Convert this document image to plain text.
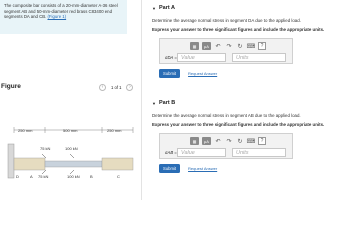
The composite bar consists of a 20-mm-diameter A-36 steel segment AB and 50-mm-diameter red brass C83400 end segments DA and CB. (Figure 1)
Figure	‹	1 of 1	›
250 mm	500 mm	250 mm
75 kN	100 kN
D	A 75 kN	100 kN	B	C
▼ Part A
Determine the average normal stress in segment DA due to the applied load.
Express your answer to three significant figures and include the appropriate units.
▦	μA	↶ ↷ ↻ ⌨	?
σDA = Value	Units
Submit	Request Answer
▼ Part B
Determine the average normal stress in segment AB due to the applied load.
Express your answer to three significant figures and include the appropriate units.
▦	μA	↶ ↷ ↻ ⌨	?
σAB = Value	Units
Submit	Request Answer
